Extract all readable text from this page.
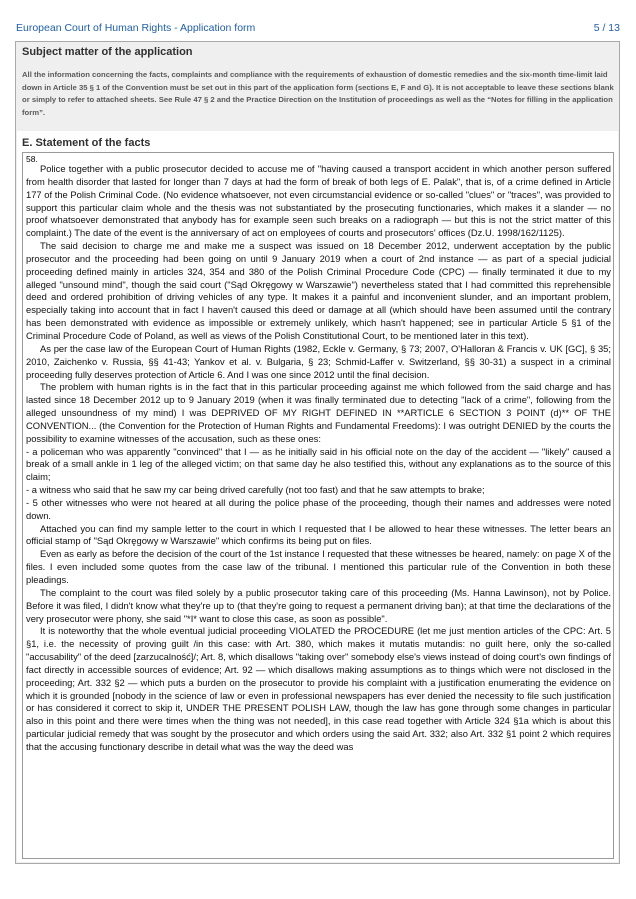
European Court of Human Rights - Application form	5 / 13
Subject matter of the application
All the information concerning the facts, complaints and compliance with the requirements of exhaustion of domestic remedies and the six-month time-limit laid down in Article 35 § 1 of the Convention must be set out in this part of the application form (sections E, F and G). It is not acceptable to leave these sections blank or simply to refer to attached sheets. See Rule 47 § 2 and the Practice Direction on the Institution of proceedings as well as the “Notes for filling in the application form”.
E. Statement of the facts
58.

Police together with a public prosecutor decided to accuse me of "having caused a transport accident in which another person suffered from health disorder that lasted for longer than 7 days at had the form of break of both legs of E. Palak", that is, of a crime defined in Article 177 of the Polish Criminal Code. (No evidence whatsoever, not even circumstancial evidence or so-called "clues" or "traces", was provided to support this particular claim whole and the thesis was not substantiated by the prosecuting functionaries, which makes it a slander — no proof whatsoever demonstrated that anybody has for example seen such breaks on a radiograph — but this is not the strict matter of this complaint.) The date of the event is the anniversary of act on employees of courts and prosecutors' offices (Dz.U. 1998/162/1125).

The said decision to charge me and make me a suspect was issued on 18 December 2012, underwent acceptation by the public prosecutor and the proceeding had been going on until 9 January 2019 when a court of 2nd instance — as part of a special judicial proceeding defined mainly in articles 324, 354 and 380 of the Polish Criminal Procedure Code (CPC) — finally terminated it due to my alleged "unsound mind", though the said court ("Sąd Okręgowy w Warszawie") nevertheless stated that I had committed this reprehensible deed and ordered prohibition of driving vehicles of any type. It makes it a painful and inconvenient slunder, and an important problem, especially taking into account that in fact I haven't caused this deed or damage at all (which should have been assumed until the contrary has been demonstrated with evidence as impossible or extremely unlikely, which hasn't happened; see in particular Article 5 §1 of the Criminal Procedure Code of Poland, as well as views of the Polish Constitutional Court, to be mentioned later in this text).

As per the case law of the European Court of Human Rights (1982, Eckle v. Germany, § 73; 2007, O'Halloran & Francis v. UK [GC], § 35; 2010, Zaichenko v. Russia, §§ 41-43; Yankov et al. v. Bulgaria, § 23; Schmid-Laffer v. Switzerland, §§ 30-31) a suspect in a criminal proceeding fully deserves protection of Article 6. And I was one since 2012 until the final decision.

The problem with human rights is in the fact that in this particular proceeding against me which followed from the said charge and has lasted since 18 December 2012 up to 9 January 2019 (when it was finally terminated due to detecting "lack of a crime", following from the alleged unsoundness of my mind) I was DEPRIVED OF MY RIGHT DEFINED IN **ARTICLE 6 SECTION 3 POINT (d)** OF THE CONVENTION... (the Convention for the Protection of Human Rights and Fundamental Freedoms): I was outright DENIED by the courts the possibility to examine witnesses of the accusation, such as these ones:

- a policeman who was apparently "convinced" that I — as he initially said in his official note on the day of the accident — "likely" caused a break of a small ankle in 1 leg of the alleged victim; on that same day he also testified this, without any explanations as to the source of this claim;

- a witness who said that he saw my car being drived carefully (not too fast) and that he saw attempts to brake;

- 5 other witnesses who were not heared at all during the police phase of the proceeding, though their names and addresses were noted down.

Attached you can find my sample letter to the court in which I requested that I be allowed to hear these witnesses. The letter bears an official stamp of "Sąd Okręgowy w Warszawie" which confirms its being put on files.

Even as early as before the decision of the court of the 1st instance I requested that these witnesses be heared, namely: on page X of the files. I even included some quotes from the case law of the tribunal. I mentioned this particular rule of the Convention in both these pleadings.

The complaint to the court was filed solely by a public prosecutor taking care of this proceeding (Ms. Hanna Lawinson), not by Police. Before it was filed, I didn't know what they're up to (that they're going to request a permanent driving ban); at that time the declarations of the very prosecutor were phony, she said "*I* want to close this case, as soon as possible".

It is noteworthy that the whole eventual judicial proceeding VIOLATED the PROCEDURE (let me just mention articles of the CPC: Art. 5 §1, i.e. the necessity of proving guilt /in this case: with Art. 380, which makes it mutatis mutandis: no guilt here, only the so-called "accusability" of the deed [zarzucalność]/; Art. 8, which disallows "taking over" somebody else's views instead of doing court's own findings of fact directly in accessible sources of evidence; Art. 92 — which disallows making assumptions as to things which were not disclosed in the proceeding; Art. 332 §2 — which puts a burden on the prosecutor to provide his complaint with a justification enumerating the evidence on which it is grounded [nobody in the science of law or even in professional newspapers has ever denied the necessity to file such justification or has considered it correct to skip it, UNDER THE PRESENT POLISH LAW, though the law has gone through some changes in particular also in this point and there were times when the thing was not needed], in this case read together with Article 324 §1a which is about this particular judicial remedy that was sought by the prosecutor and which orders using the said Art. 332; also Art. 332 §1 point 2 which requires that the accusing functionary describe in detail what was the way the deed was
